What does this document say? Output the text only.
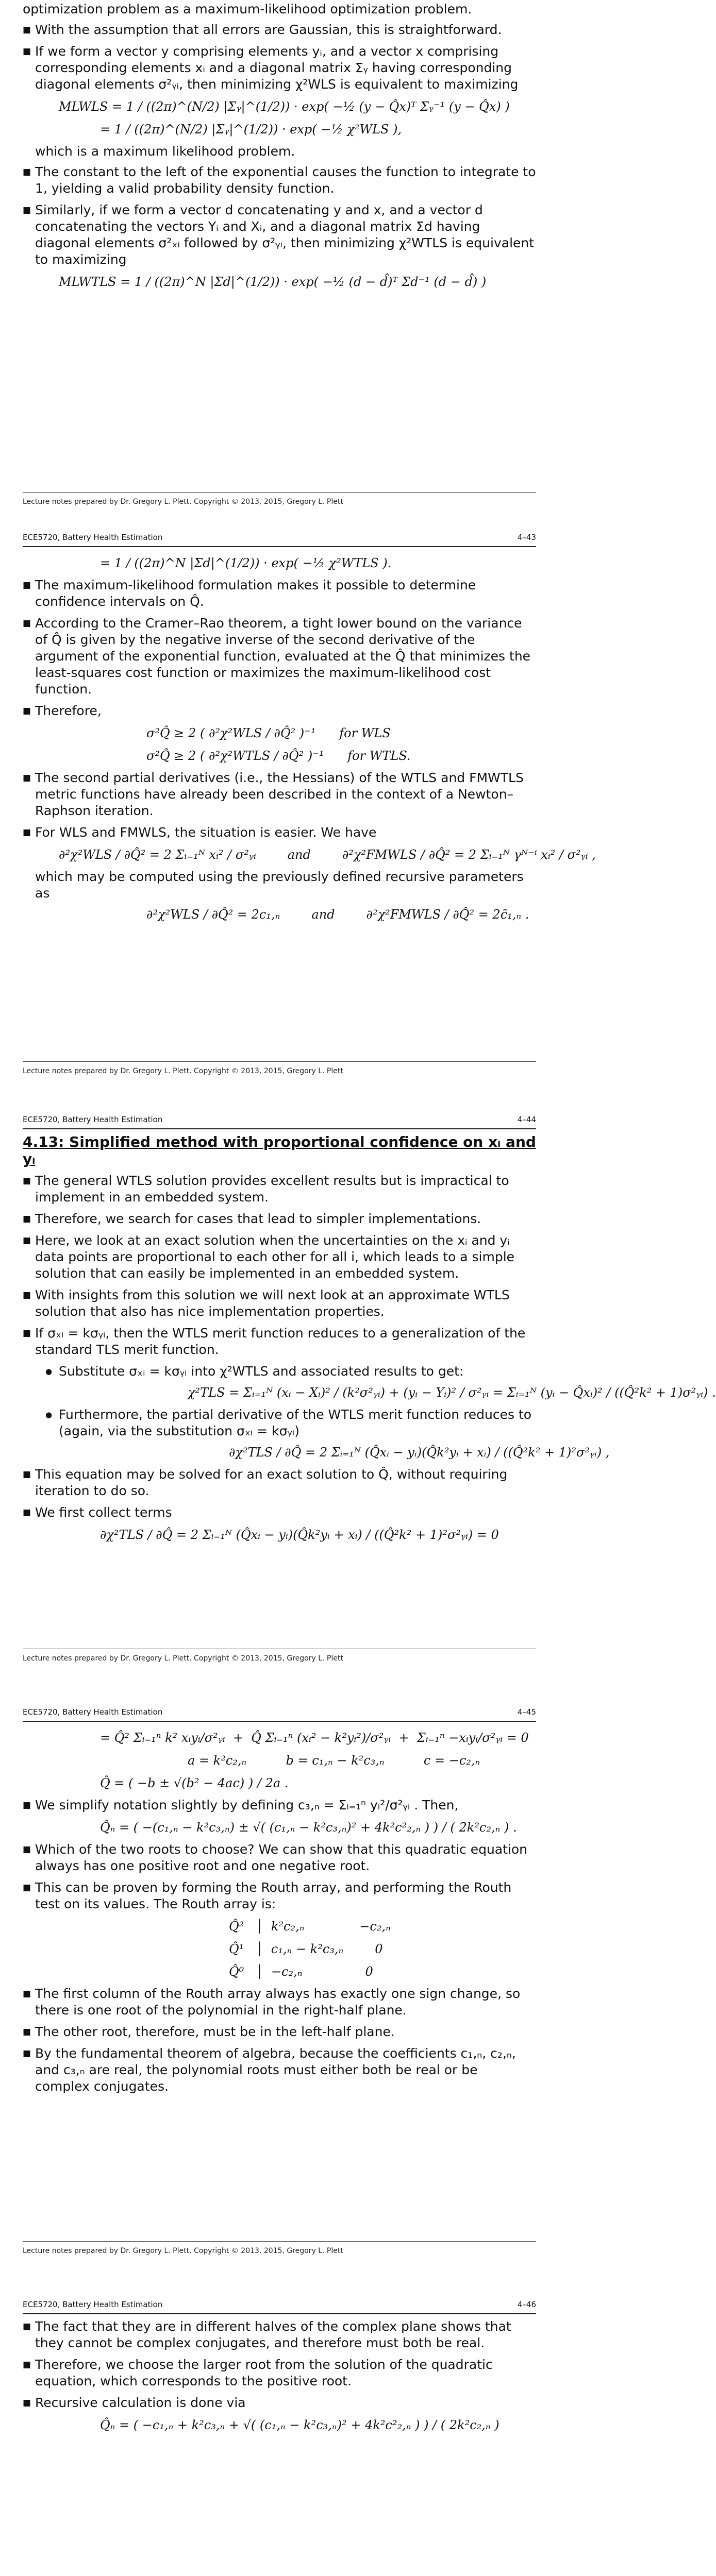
optimization problem as a maximum-likelihood optimization problem.
■ With the assumption that all errors are Gaussian, this is straightforward.
■ If we form a vector y comprising elements yᵢ, and a vector x comprising corresponding elements xᵢ and a diagonal matrix Σᵧ having corresponding diagonal elements σ²ᵧᵢ, then minimizing χ²WLS is equivalent to maximizing
MLWLS = 1 / ((2π)^(N/2) |Σᵧ|^(1/2)) · exp( −½ (y − Q̂x)ᵀ Σᵧ⁻¹ (y − Q̂x) )
= 1 / ((2π)^(N/2) |Σᵧ|^(1/2)) · exp( −½ χ²WLS ),
which is a maximum likelihood problem.
■ The constant to the left of the exponential causes the function to integrate to 1, yielding a valid probability density function.
■ Similarly, if we form a vector d concatenating y and x, and a vector d concatenating the vectors Yᵢ and Xᵢ, and a diagonal matrix Σd having diagonal elements σ²ₓᵢ followed by σ²ᵧᵢ, then minimizing χ²WTLS is equivalent to maximizing
MLWTLS = 1 / ((2π)^N |Σd|^(1/2)) · exp( −½ (d − d̂)ᵀ Σd⁻¹ (d − d̂) )
Lecture notes prepared by Dr. Gregory L. Plett. Copyright © 2013, 2015, Gregory L. Plett
ECE5720, Battery Health Estimation	4–43
= 1 / ((2π)^N |Σd|^(1/2)) · exp( −½ χ²WTLS ).
■ The maximum-likelihood formulation makes it possible to determine confidence intervals on Q̂.
■ According to the Cramer–Rao theorem, a tight lower bound on the variance of Q̂ is given by the negative inverse of the second derivative of the argument of the exponential function, evaluated at the Q̂ that minimizes the least-squares cost function or maximizes the maximum-likelihood cost function.
■ Therefore,
σ²Q̂ ≥ 2 ( ∂²χ²WLS / ∂Q̂² )⁻¹      for WLS
σ²Q̂ ≥ 2 ( ∂²χ²WTLS / ∂Q̂² )⁻¹      for WTLS.
■ The second partial derivatives (i.e., the Hessians) of the WTLS and FMWTLS metric functions have already been described in the context of a Newton–Raphson iteration.
■ For WLS and FMWLS, the situation is easier. We have
∂²χ²WLS / ∂Q̂² = 2 Σᵢ₌₁ᴺ xᵢ² / σ²ᵧᵢ        and        ∂²χ²FMWLS / ∂Q̂² = 2 Σᵢ₌₁ᴺ γᴺ⁻ⁱ xᵢ² / σ²ᵧᵢ ,
which may be computed using the previously defined recursive parameters as
∂²χ²WLS / ∂Q̂² = 2c₁,ₙ        and        ∂²χ²FMWLS / ∂Q̂² = 2c̃₁,ₙ .
Lecture notes prepared by Dr. Gregory L. Plett. Copyright © 2013, 2015, Gregory L. Plett
ECE5720, Battery Health Estimation	4–44
4.13: Simplified method with proportional confidence on xᵢ and yᵢ
■ The general WTLS solution provides excellent results but is impractical to implement in an embedded system.
■ Therefore, we search for cases that lead to simpler implementations.
■ Here, we look at an exact solution when the uncertainties on the xᵢ and yᵢ data points are proportional to each other for all i, which leads to a simple solution that can easily be implemented in an embedded system.
■ With insights from this solution we will next look at an approximate WTLS solution that also has nice implementation properties.
■ If σₓᵢ = kσᵧᵢ, then the WTLS merit function reduces to a generalization of the standard TLS merit function.
● Substitute σₓᵢ = kσᵧᵢ into χ²WTLS and associated results to get:
χ²TLS = Σᵢ₌₁ᴺ (xᵢ − Xᵢ)² / (k²σ²ᵧᵢ) + (yᵢ − Yᵢ)² / σ²ᵧᵢ = Σᵢ₌₁ᴺ (yᵢ − Q̂xᵢ)² / ((Q̂²k² + 1)σ²ᵧᵢ) .
● Furthermore, the partial derivative of the WTLS merit function reduces to (again, via the substitution σₓᵢ = kσᵧᵢ)
∂χ²TLS / ∂Q̂ = 2 Σᵢ₌₁ᴺ (Q̂xᵢ − yᵢ)(Q̂k²yᵢ + xᵢ) / ((Q̂²k² + 1)²σ²ᵧᵢ) ,
■ This equation may be solved for an exact solution to Q̂, without requiring iteration to do so.
■ We first collect terms
∂χ²TLS / ∂Q̂ = 2 Σᵢ₌₁ᴺ (Q̂xᵢ − yᵢ)(Q̂k²yᵢ + xᵢ) / ((Q̂²k² + 1)²σ²ᵧᵢ) = 0
Lecture notes prepared by Dr. Gregory L. Plett. Copyright © 2013, 2015, Gregory L. Plett
ECE5720, Battery Health Estimation	4–45
= Q̂² Σᵢ₌₁ⁿ k² xᵢyᵢ/σ²ᵧᵢ  +  Q̂ Σᵢ₌₁ⁿ (xᵢ² − k²yᵢ²)/σ²ᵧᵢ  +  Σᵢ₌₁ⁿ −xᵢyᵢ/σ²ᵧᵢ = 0
a = k²c₂,ₙ          b = c₁,ₙ − k²c₃,ₙ          c = −c₂,ₙ
Q̂ = ( −b ± √(b² − 4ac) ) / 2a .
■ We simplify notation slightly by defining c₃,ₙ = Σᵢ₌₁ⁿ yᵢ²/σ²ᵧᵢ . Then,
Q̂ₙ = ( −(c₁,ₙ − k²c₃,ₙ) ± √( (c₁,ₙ − k²c₃,ₙ)² + 4k²c²₂,ₙ ) ) / ( 2k²c₂,ₙ ) .
■ Which of the two roots to choose? We can show that this quadratic equation always has one positive root and one negative root.
■ This can be proven by forming the Routh array, and performing the Routh test on its values. The Routh array is:
Q̂²   │  k²c₂,ₙ              −c₂,ₙ
Q̂¹   │  c₁,ₙ − k²c₃,ₙ        0
Q̂⁰   │  −c₂,ₙ                0
■ The first column of the Routh array always has exactly one sign change, so there is one root of the polynomial in the right-half plane.
■ The other root, therefore, must be in the left-half plane.
■ By the fundamental theorem of algebra, because the coefficients c₁,ₙ, c₂,ₙ, and c₃,ₙ are real, the polynomial roots must either both be real or be complex conjugates.
Lecture notes prepared by Dr. Gregory L. Plett. Copyright © 2013, 2015, Gregory L. Plett
ECE5720, Battery Health Estimation	4–46
■ The fact that they are in different halves of the complex plane shows that they cannot be complex conjugates, and therefore must both be real.
■ Therefore, we choose the larger root from the solution of the quadratic equation, which corresponds to the positive root.
■ Recursive calculation is done via
Q̂ₙ = ( −c₁,ₙ + k²c₃,ₙ + √( (c₁,ₙ − k²c₃,ₙ)² + 4k²c²₂,ₙ ) ) / ( 2k²c₂,ₙ )
